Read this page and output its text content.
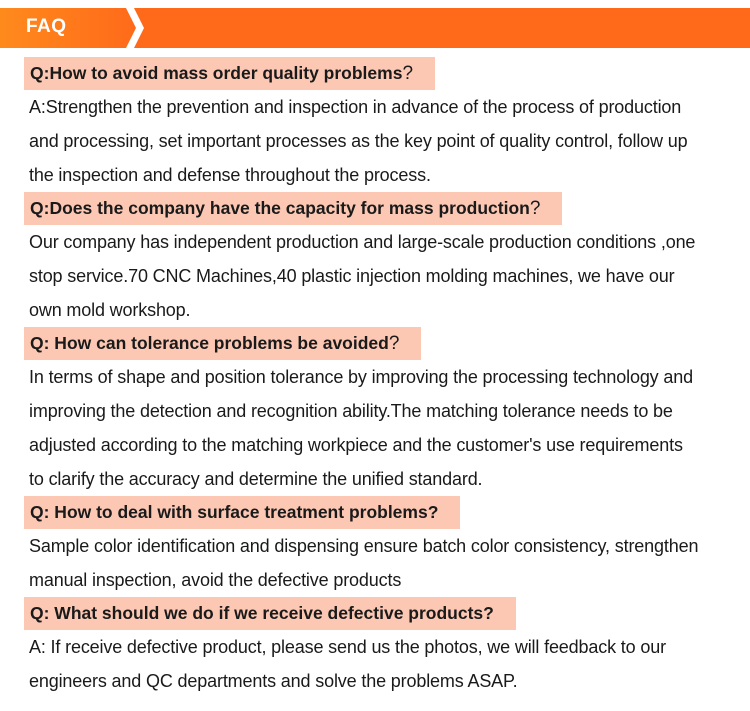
FAQ
Q:How to avoid mass order quality problems?
A:Strengthen the prevention and inspection in advance of the process of production
and processing, set important processes as the key point of quality control, follow up
the inspection and defense throughout the process.
Q:Does the company have the capacity for mass production?
Our company has independent production and large-scale production conditions ,one
stop service.70 CNC Machines,40 plastic injection molding machines, we have our
own mold workshop.
Q: How can tolerance problems be avoided?
In terms of shape and position tolerance by improving the processing technology and
improving the detection and recognition ability.The matching tolerance needs to be
adjusted according to the matching workpiece and the customer's use requirements
to clarify the accuracy and determine the unified standard.
Q: How to deal with surface treatment problems?
Sample color identification and dispensing ensure batch color consistency, strengthen
manual inspection, avoid the defective products
Q: What should we do if we receive defective products?
A: If receive defective product, please send us the photos, we will feedback to our
engineers and QC departments and solve the problems ASAP.
